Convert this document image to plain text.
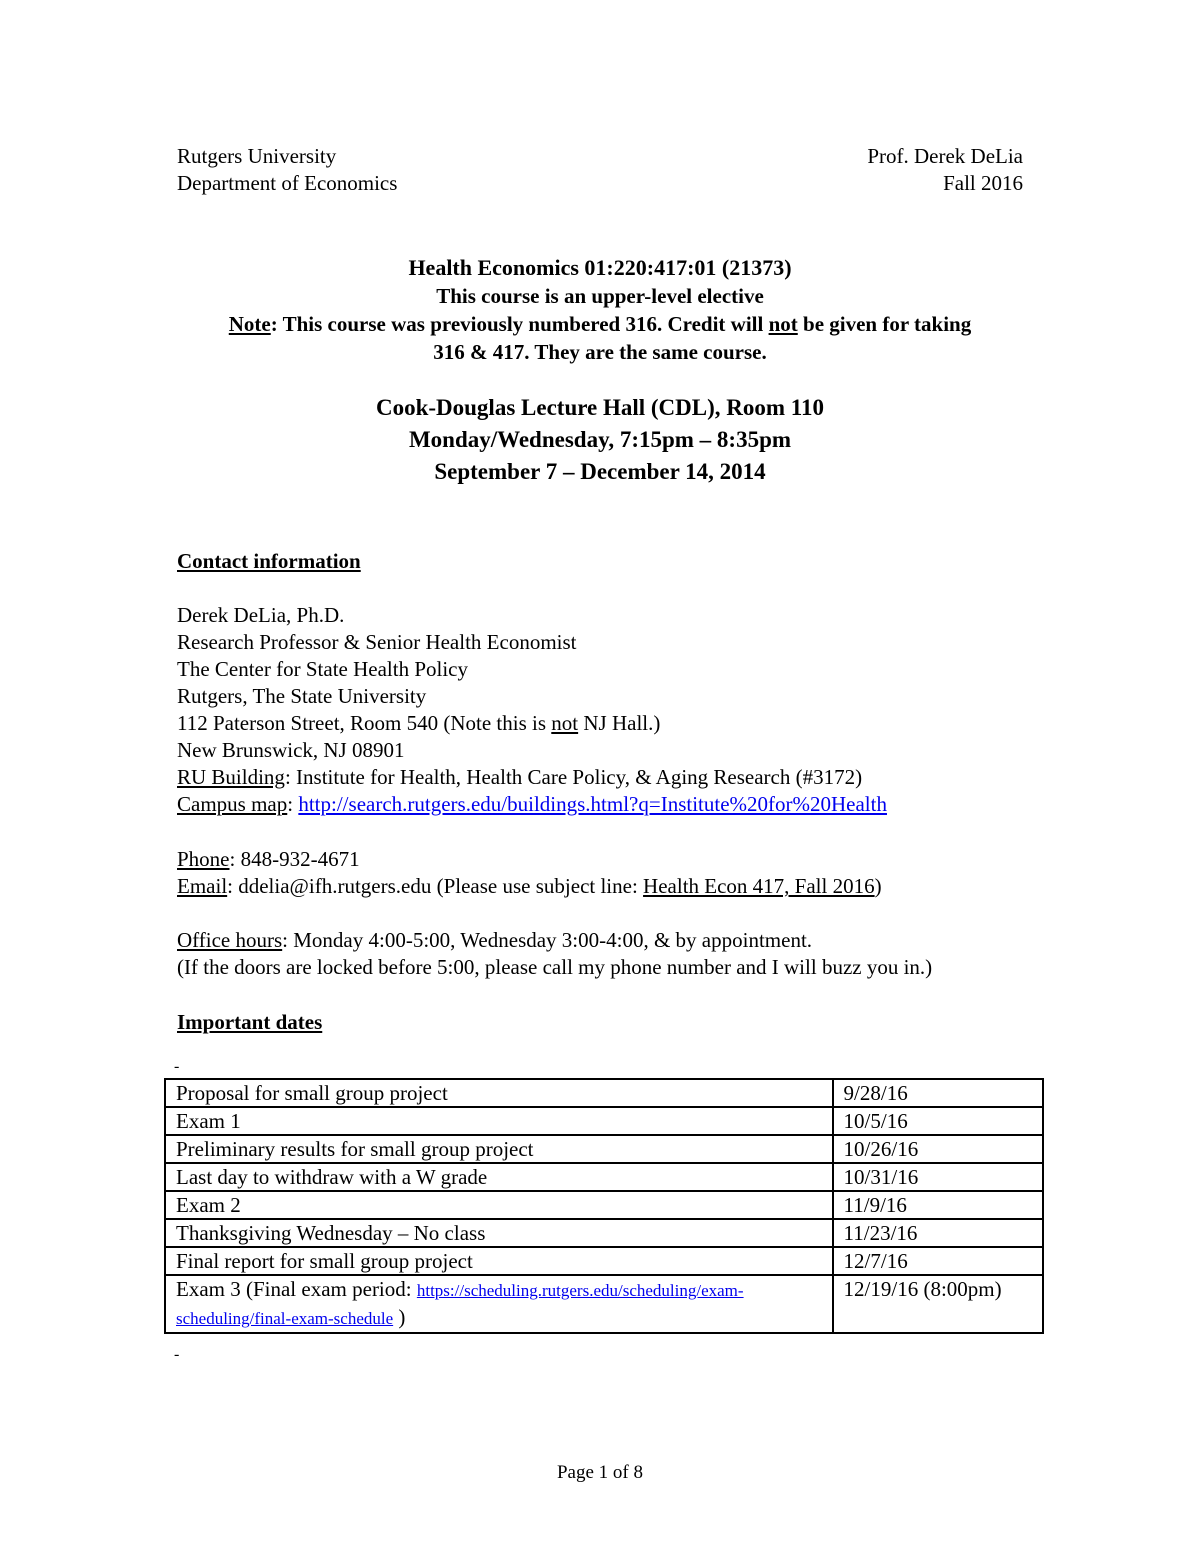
Rutgers University	Prof. Derek DeLia
Department of Economics	Fall 2016
Health Economics 01:220:417:01 (21373)
This course is an upper-level elective
Note: This course was previously numbered 316. Credit will not be given for taking
316 & 417. They are the same course.
Cook-Douglas Lecture Hall (CDL), Room 110
Monday/Wednesday, 7:15pm – 8:35pm
September 7 – December 14, 2014
Contact information
Derek DeLia, Ph.D.
Research Professor & Senior Health Economist
The Center for State Health Policy
Rutgers, The State University
112 Paterson Street, Room 540 (Note this is not NJ Hall.)
New Brunswick, NJ 08901
RU Building: Institute for Health, Health Care Policy, & Aging Research (#3172)
Campus map: http://search.rutgers.edu/buildings.html?q=Institute%20for%20Health
Phone: 848-932-4671
Email: ddelia@ifh.rutgers.edu (Please use subject line: Health Econ 417, Fall 2016)
Office hours: Monday 4:00-5:00, Wednesday 3:00-4:00, & by appointment.
(If the doors are locked before 5:00, please call my phone number and I will buzz you in.)
Important dates
-
Proposal for small group project	9/28/16
Exam 1	10/5/16
Preliminary results for small group project	10/26/16
Last day to withdraw with a W grade	10/31/16
Exam 2	11/9/16
Thanksgiving Wednesday – No class	11/23/16
Final report for small group project	12/7/16
Exam 3 (Final exam period: https://scheduling.rutgers.edu/scheduling/exam-
scheduling/final-exam-schedule )	12/19/16 (8:00pm)
-
Page 1 of 8
